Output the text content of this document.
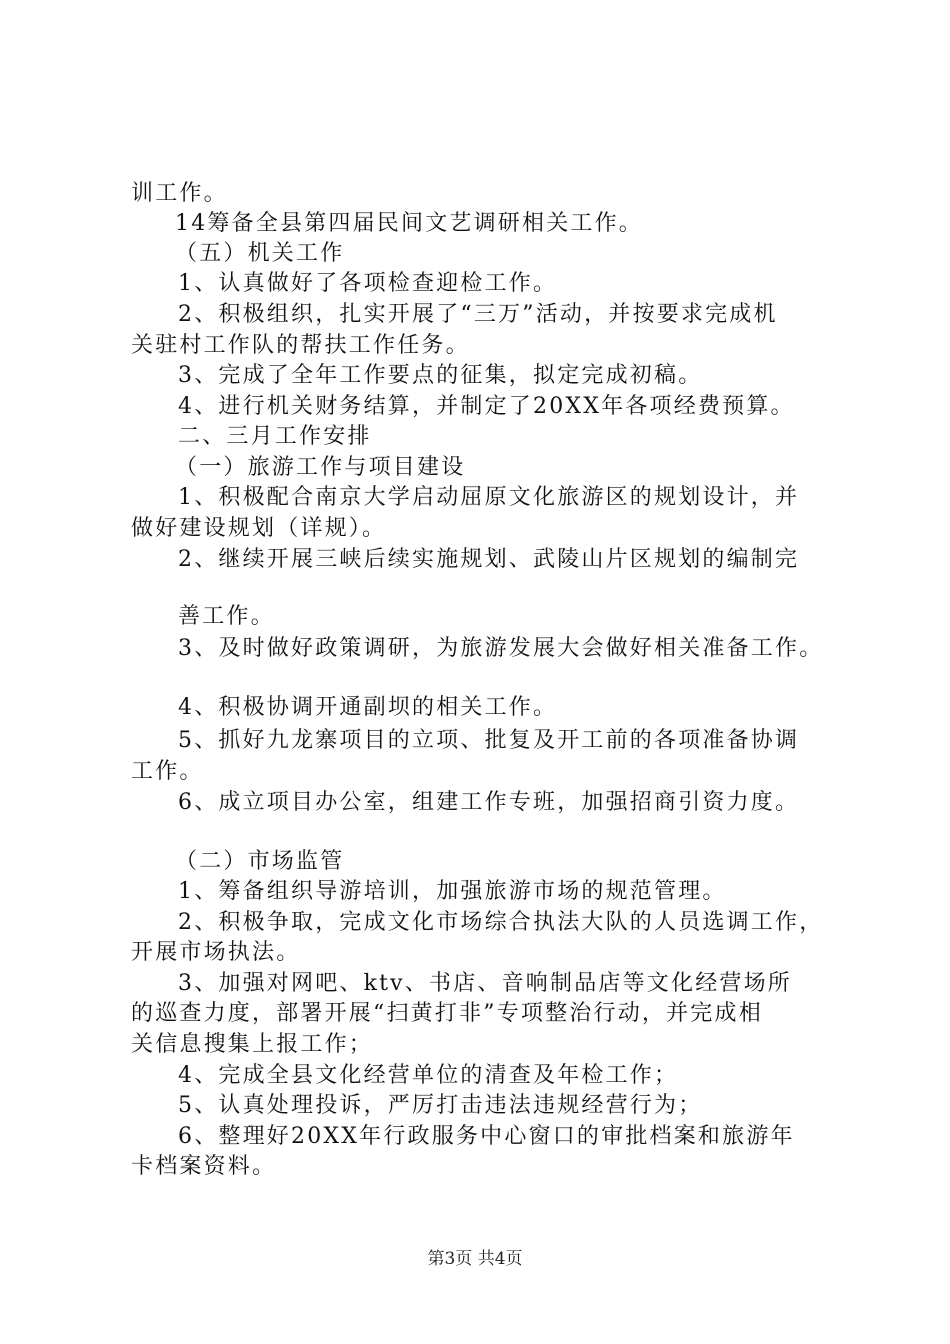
训工作。
14筹备全县第四届民间文艺调研相关工作。
（五）机关工作
1、认真做好了各项检查迎检工作。
2、积极组织，扎实开展了“三万”活动，并按要求完成机
关驻村工作队的帮扶工作任务。
3、完成了全年工作要点的征集，拟定完成初稿。
4、进行机关财务结算，并制定了20XX年各项经费预算。
二、三月工作安排
（一）旅游工作与项目建设
1、积极配合南京大学启动屈原文化旅游区的规划设计，并
做好建设规划（详规）。
2、继续开展三峡后续实施规划、武陵山片区规划的编制完
善工作。
3、及时做好政策调研，为旅游发展大会做好相关准备工作。
4、积极协调开通副坝的相关工作。
5、抓好九龙寨项目的立项、批复及开工前的各项准备协调
工作。
6、成立项目办公室，组建工作专班，加强招商引资力度。
（二）市场监管
1、筹备组织导游培训，加强旅游市场的规范管理。
2、积极争取，完成文化市场综合执法大队的人员选调工作，
开展市场执法。
3、加强对网吧、ktv、书店、音响制品店等文化经营场所
的巡查力度，部署开展“扫黄打非”专项整治行动，并完成相
关信息搜集上报工作；
4、完成全县文化经营单位的清查及年检工作；
5、认真处理投诉，严厉打击违法违规经营行为；
6、整理好20XX年行政服务中心窗口的审批档案和旅游年
卡档案资料。
第3页 共4页
